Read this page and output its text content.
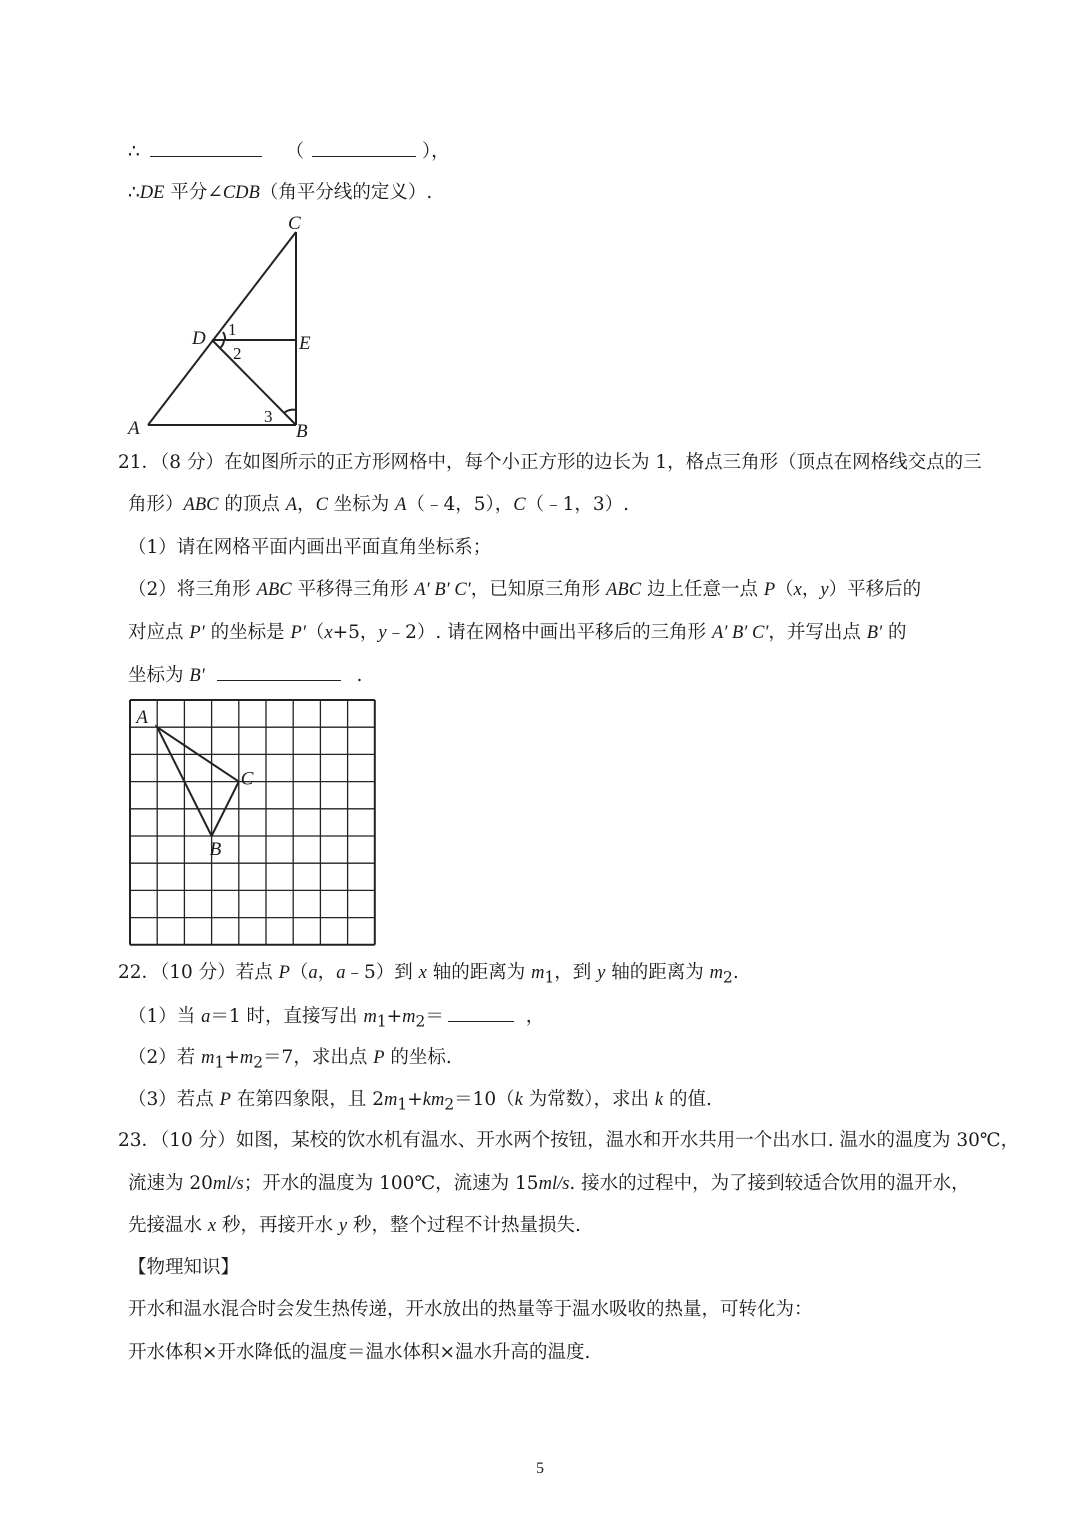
∴	（	），
∴DE 平分∠CDB（角平分线的定义）.
C
D	E
A	B
1
2
3
21．（8 分）在如图所示的正方形网格中，每个小正方形的边长为 1，格点三角形（顶点在网格线交点的三
角形）ABC 的顶点 A，C 坐标为 A（﹣4，5），C（﹣1，3）.
（1）请在网格平面内画出平面直角坐标系；
（2）将三角形 ABC 平移得三角形 A′ B′ C′，已知原三角形 ABC 边上任意一点 P（x，y）平移后的
对应点 P′ 的坐标是 P′（x+5，y﹣2）. 请在网格中画出平移后的三角形 A′ B′ C′，并写出点 B′ 的
坐标为 B′	.
A
B
C
22．（10 分）若点 P（a，a﹣5）到 x 轴的距离为 $m_1$，到 y 轴的距离为 $m_2$.
（1）当 a＝1 时，直接写出 $m_1+m_2=$	，
（2）若 $m_1+m_2=7$，求出点 P 的坐标.
（3）若点 P 在第四象限，且 $2m_1+km_2=10(k$ 为常数），求出 k 的值.
23．（10 分）如图，某校的饮水机有温水、开水两个按钮，温水和开水共用一个出水口. 温水的温度为 30℃，
流速为 20ml/s；开水的温度为 100℃，流速为 15ml/s. 接水的过程中，为了接到较适合饮用的温开水，
先接温水 x 秒，再接开水 y 秒，整个过程不计热量损失.
【物理知识】
开水和温水混合时会发生热传递，开水放出的热量等于温水吸收的热量，可转化为：
开水体积×开水降低的温度＝温水体积×温水升高的温度.
5
